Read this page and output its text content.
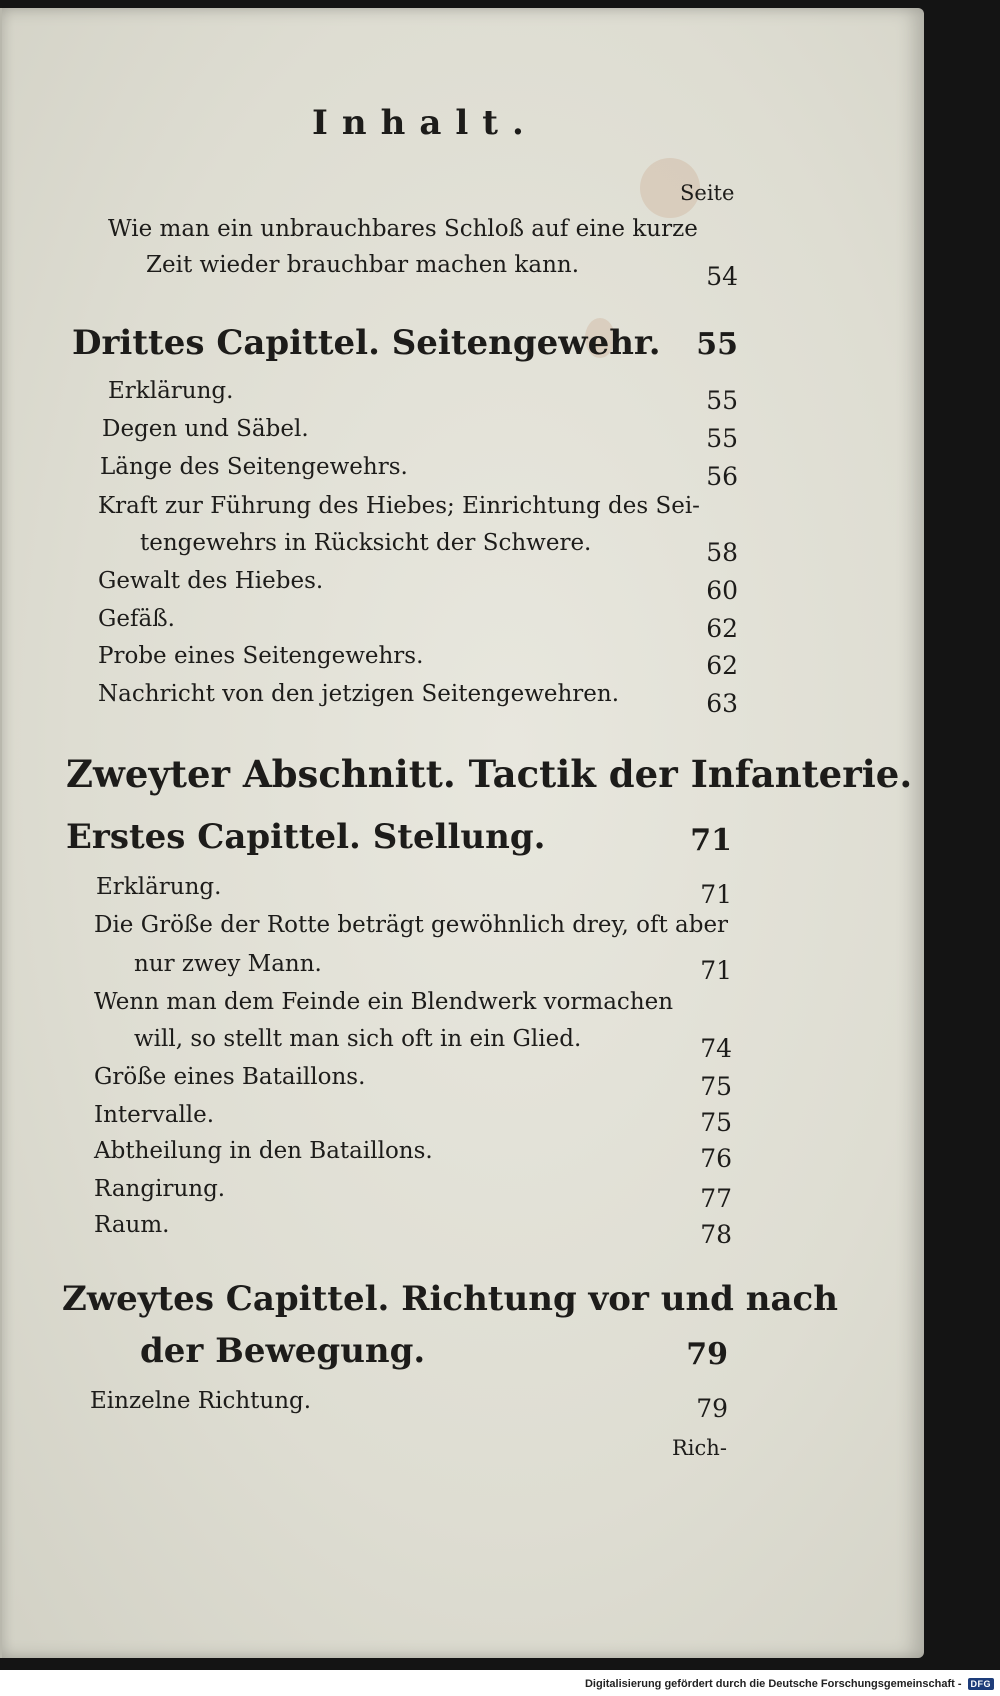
Inhalt.
Seite
Wie man ein unbrauchbares Schloß auf eine kurze
Zeit wieder brauchbar machen kann.	54
Drittes Capittel. Seitengewehr.	55
Erklärung.	55
Degen und Säbel.	55
Länge des Seitengewehrs.	56
Kraft zur Führung des Hiebes; Einrichtung des Sei-
tengewehrs in Rücksicht der Schwere.	58
Gewalt des Hiebes.	60
Gefäß.	62
Probe eines Seitengewehrs.	62
Nachricht von den jetzigen Seitengewehren.	63
Zweyter Abschnitt. Tactik der Infanterie.
Erstes Capittel. Stellung.	71
Erklärung.	71
Die Größe der Rotte beträgt gewöhnlich drey, oft aber
nur zwey Mann.	71
Wenn man dem Feinde ein Blendwerk vormachen
will, so stellt man sich oft in ein Glied.	74
Größe eines Bataillons.	75
Intervalle.	75
Abtheilung in den Bataillons.	76
Rangirung.	77
Raum.	78
Zweytes Capittel. Richtung vor und nach
der Bewegung.	79
Einzelne Richtung.	79
Rich-
Digitalisierung gefördert durch die Deutsche Forschungsgemeinschaft -	DFG
